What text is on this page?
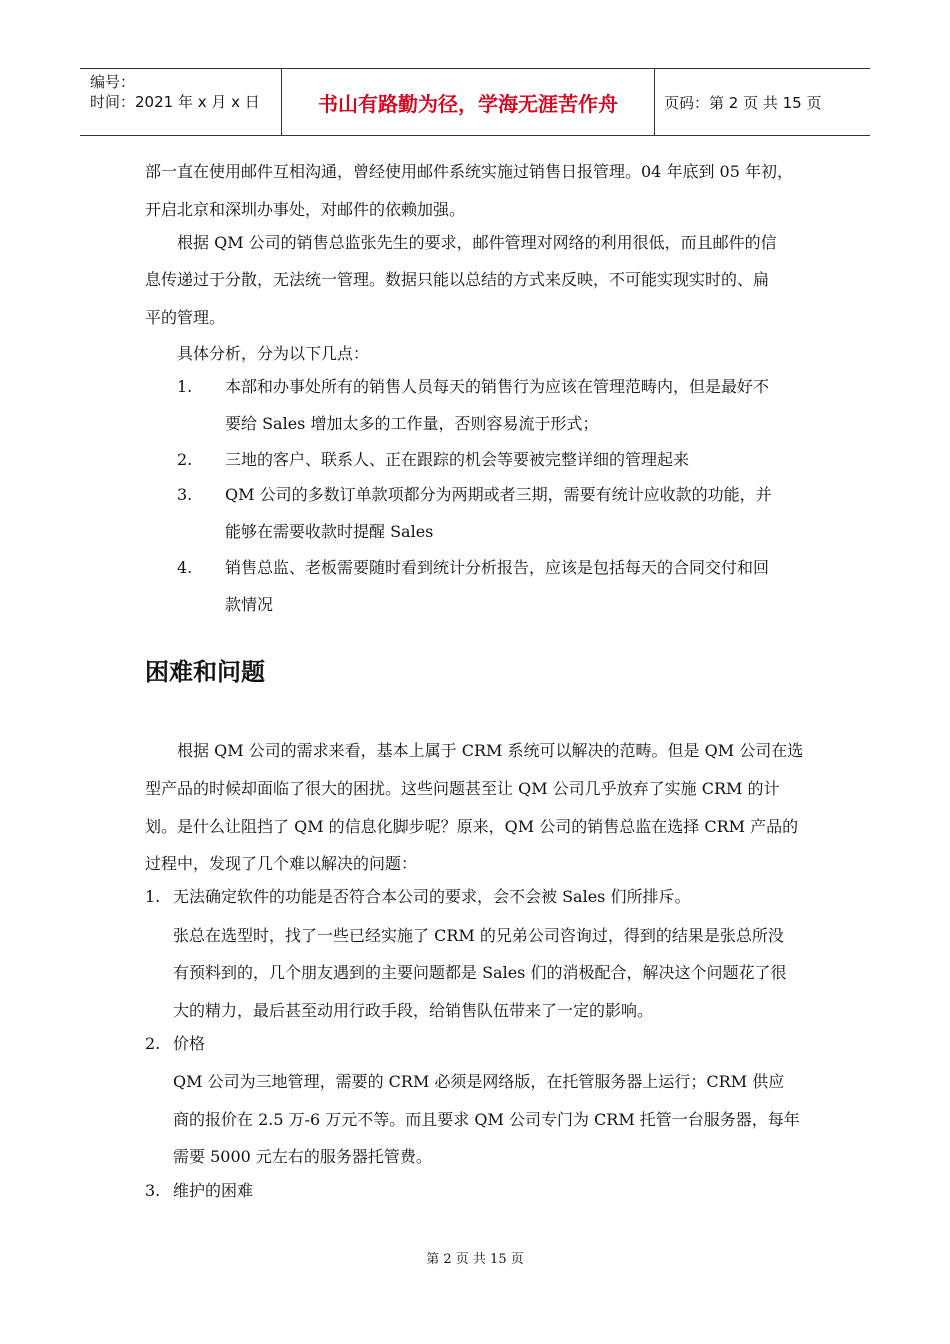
编号：
时间：2021 年 x 月 x 日	书山有路勤为径，学海无涯苦作舟	页码：第 2 页 共 15 页
部一直在使用邮件互相沟通，曾经使用邮件系统实施过销售日报管理。04 年底到 05 年初，
开启北京和深圳办事处，对邮件的依赖加强。
根据 QM 公司的销售总监张先生的要求，邮件管理对网络的利用很低，而且邮件的信
息传递过于分散，无法统一管理。数据只能以总结的方式来反映，不可能实现实时的、扁
平的管理。
具体分析，分为以下几点：
1. 本部和办事处所有的销售人员每天的销售行为应该在管理范畴内，但是最好不
要给 Sales 增加太多的工作量，否则容易流于形式；
2. 三地的客户、联系人、正在跟踪的机会等要被完整详细的管理起来
3. QM 公司的多数订单款项都分为两期或者三期，需要有统计应收款的功能，并
能够在需要收款时提醒 Sales
4. 销售总监、老板需要随时看到统计分析报告，应该是包括每天的合同交付和回
款情况
困难和问题
根据 QM 公司的需求来看，基本上属于 CRM 系统可以解决的范畴。但是 QM 公司在选
型产品的时候却面临了很大的困扰。这些问题甚至让 QM 公司几乎放弃了实施 CRM 的计
划。是什么让阻挡了 QM 的信息化脚步呢？原来，QM 公司的销售总监在选择 CRM 产品的
过程中，发现了几个难以解决的问题：
1. 无法确定软件的功能是否符合本公司的要求，会不会被 Sales 们所排斥。
张总在选型时，找了一些已经实施了 CRM 的兄弟公司咨询过，得到的结果是张总所没
有预料到的，几个朋友遇到的主要问题都是 Sales 们的消极配合，解决这个问题花了很
大的精力，最后甚至动用行政手段，给销售队伍带来了一定的影响。
2. 价格
QM 公司为三地管理，需要的 CRM 必须是网络版，在托管服务器上运行；CRM 供应
商的报价在 2.5 万-6 万元不等。而且要求 QM 公司专门为 CRM 托管一台服务器，每年
需要 5000 元左右的服务器托管费。
3. 维护的困难
第 2 页 共 15 页
